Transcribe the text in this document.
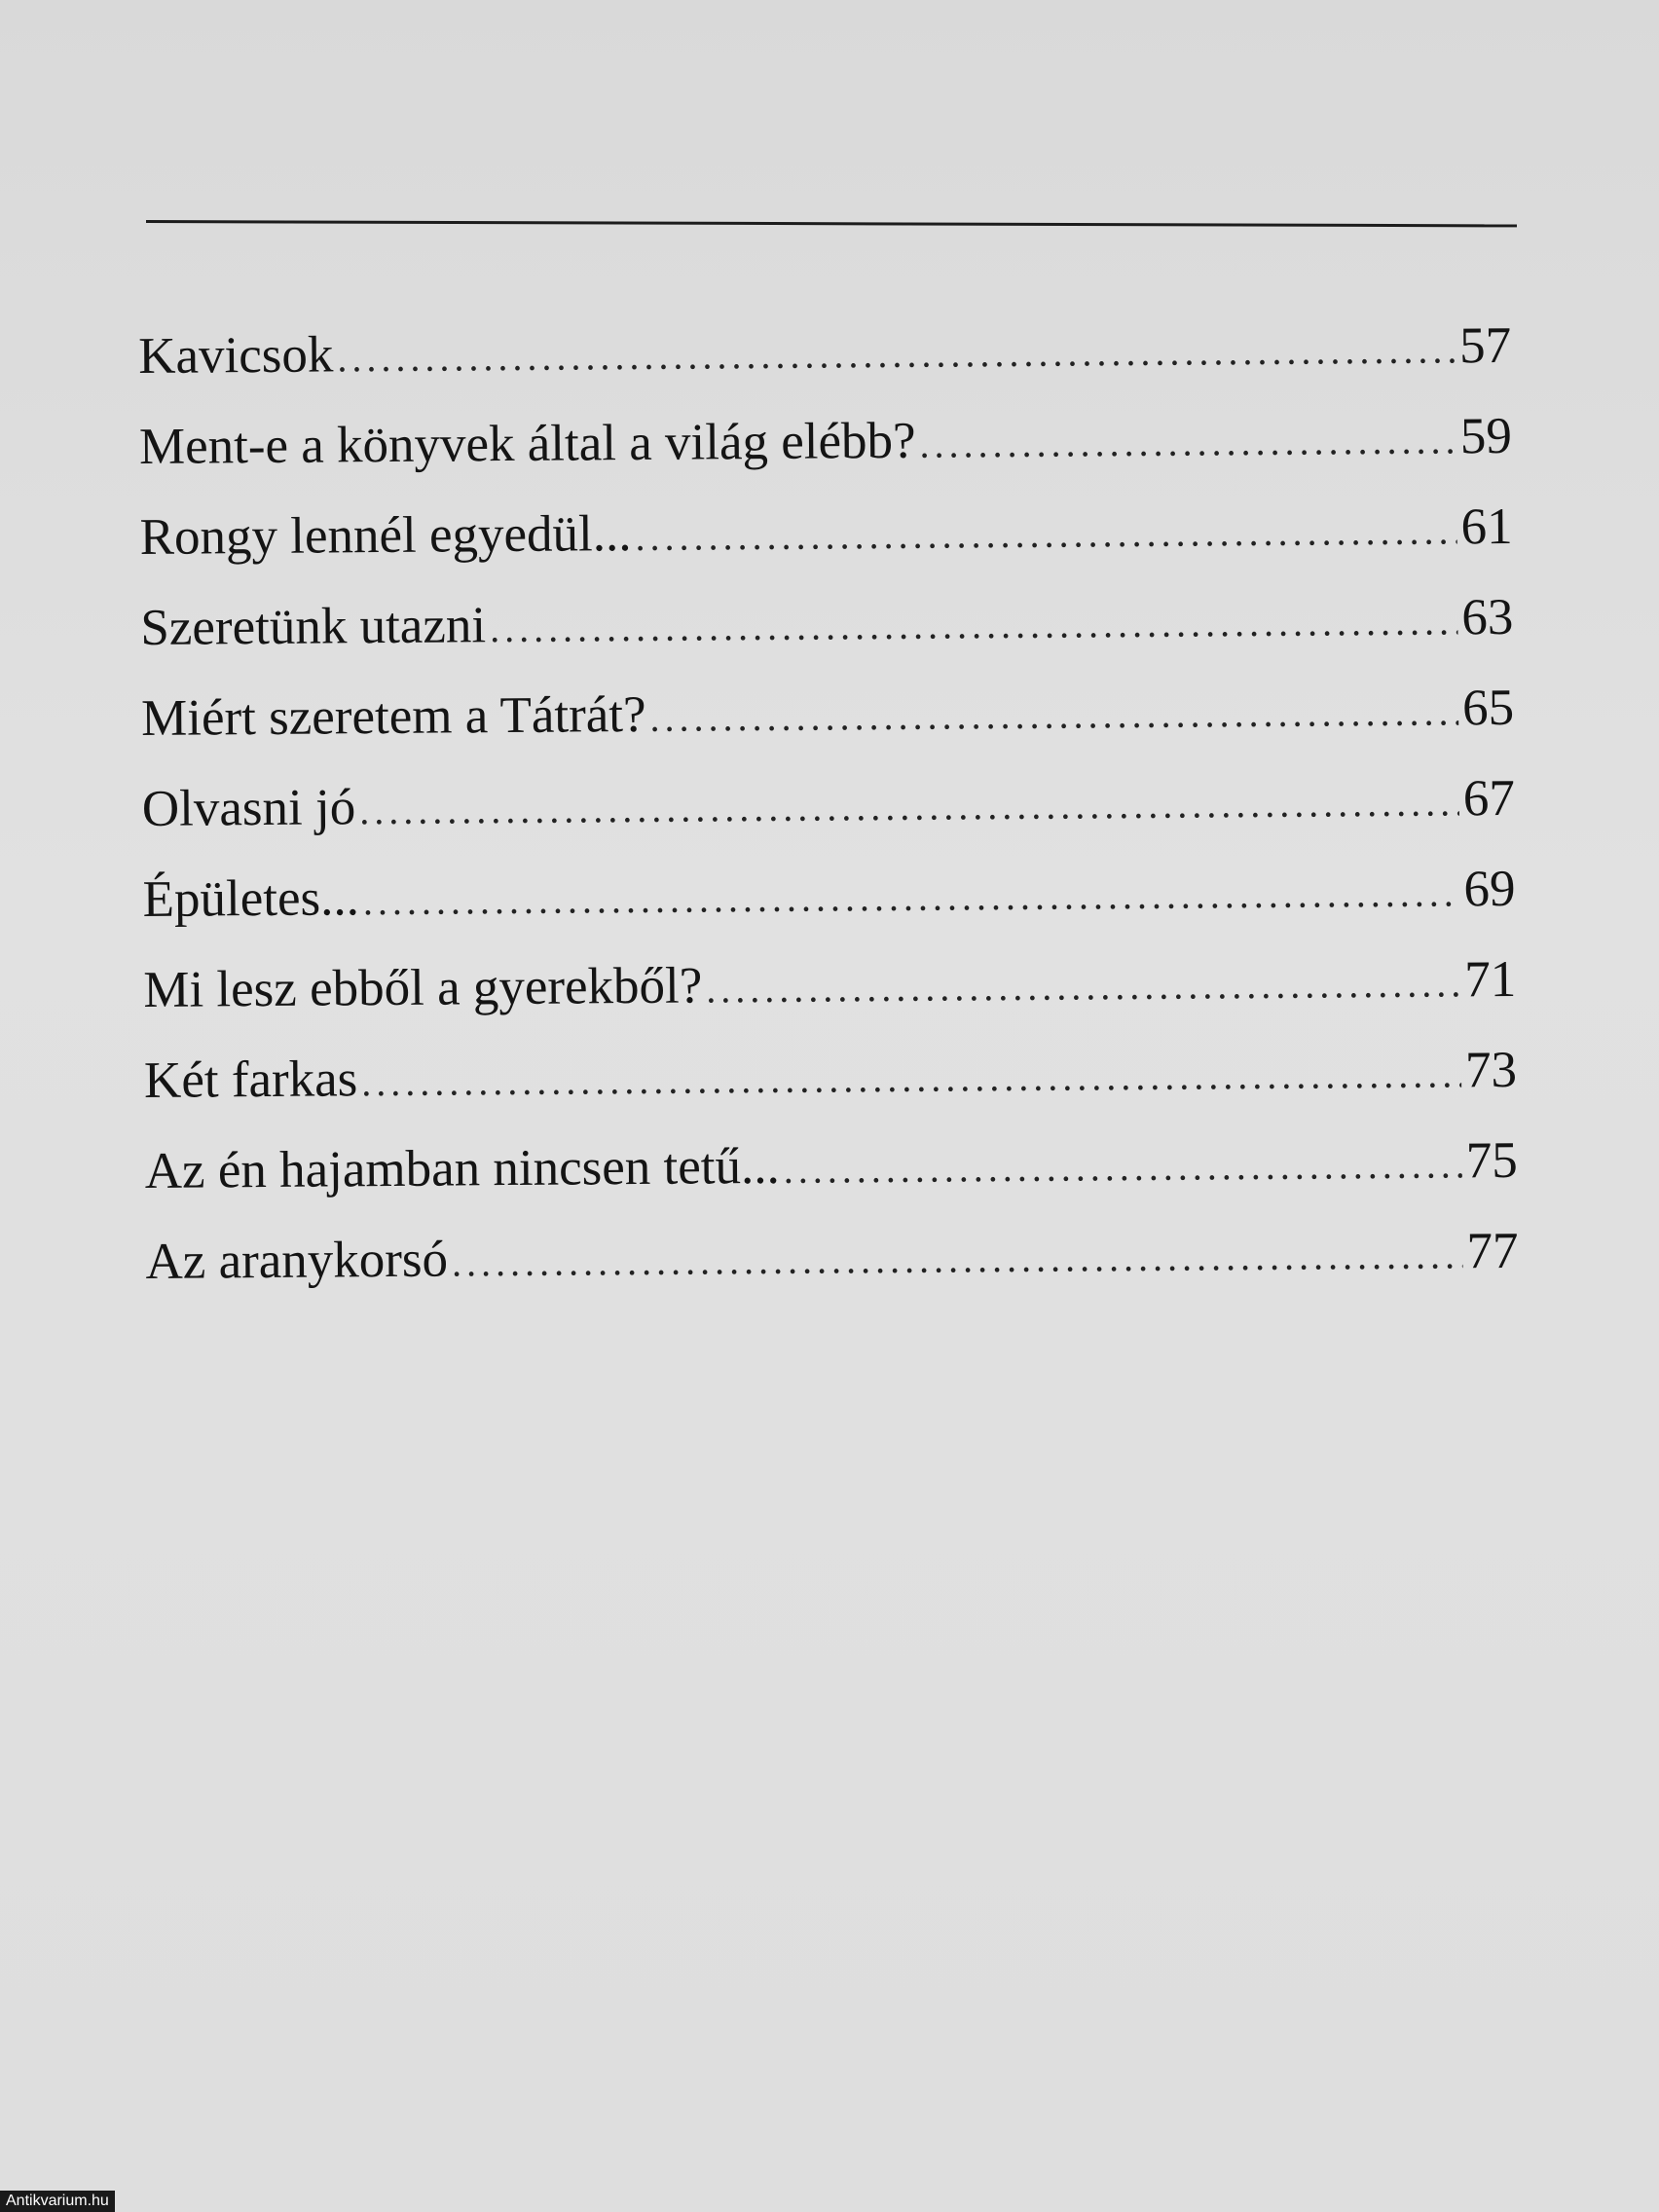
Kavicsok .....	57
Ment-e a könyvek által a világ elébb? .....	59
Rongy lennél egyedül... .....	61
Szeretünk utazni .....	63
Miért szeretem a Tátrát? .....	65
Olvasni jó .....	67
Épületes... .....	69
Mi lesz ebből a gyerekből? .....	71
Két farkas .....	73
Az én hajamban nincsen tetű... .....	75
Az aranykorsó .....	77
Antikvarium.hu
